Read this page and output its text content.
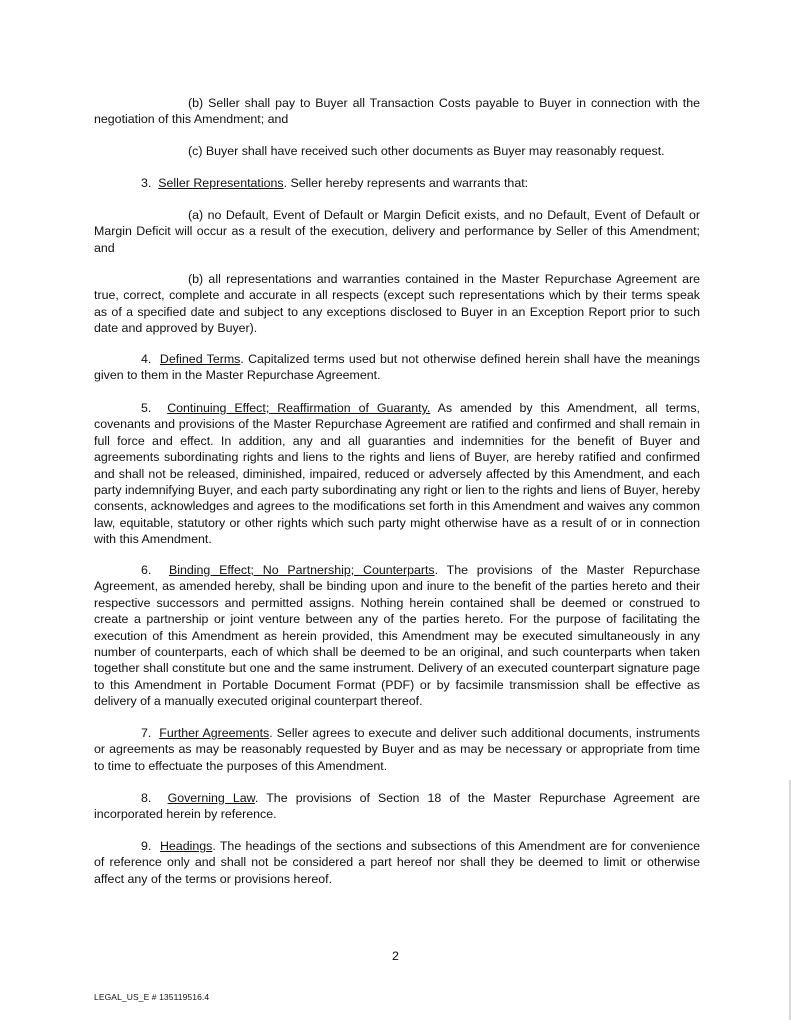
(b) Seller shall pay to Buyer all Transaction Costs payable to Buyer in connection with the negotiation of this Amendment; and

(c) Buyer shall have received such other documents as Buyer may reasonably request.

3. Seller Representations. Seller hereby represents and warrants that:

(a) no Default, Event of Default or Margin Deficit exists, and no Default, Event of Default or Margin Deficit will occur as a result of the execution, delivery and performance by Seller of this Amendment; and

(b) all representations and warranties contained in the Master Repurchase Agreement are true, correct, complete and accurate in all respects (except such representations which by their terms speak as of a specified date and subject to any exceptions disclosed to Buyer in an Exception Report prior to such date and approved by Buyer).

4. Defined Terms. Capitalized terms used but not otherwise defined herein shall have the meanings given to them in the Master Repurchase Agreement.

5. Continuing Effect; Reaffirmation of Guaranty. As amended by this Amendment, all terms, covenants and provisions of the Master Repurchase Agreement are ratified and confirmed and shall remain in full force and effect. In addition, any and all guaranties and indemnities for the benefit of Buyer and agreements subordinating rights and liens to the rights and liens of Buyer, are hereby ratified and confirmed and shall not be released, diminished, impaired, reduced or adversely affected by this Amendment, and each party indemnifying Buyer, and each party subordinating any right or lien to the rights and liens of Buyer, hereby consents, acknowledges and agrees to the modifications set forth in this Amendment and waives any common law, equitable, statutory or other rights which such party might otherwise have as a result of or in connection with this Amendment.

6. Binding Effect; No Partnership; Counterparts. The provisions of the Master Repurchase Agreement, as amended hereby, shall be binding upon and inure to the benefit of the parties hereto and their respective successors and permitted assigns. Nothing herein contained shall be deemed or construed to create a partnership or joint venture between any of the parties hereto. For the purpose of facilitating the execution of this Amendment as herein provided, this Amendment may be executed simultaneously in any number of counterparts, each of which shall be deemed to be an original, and such counterparts when taken together shall constitute but one and the same instrument. Delivery of an executed counterpart signature page to this Amendment in Portable Document Format (PDF) or by facsimile transmission shall be effective as delivery of a manually executed original counterpart thereof.

7. Further Agreements. Seller agrees to execute and deliver such additional documents, instruments or agreements as may be reasonably requested by Buyer and as may be necessary or appropriate from time to time to effectuate the purposes of this Amendment.

8. Governing Law. The provisions of Section 18 of the Master Repurchase Agreement are incorporated herein by reference.

9. Headings. The headings of the sections and subsections of this Amendment are for convenience of reference only and shall not be considered a part hereof nor shall they be deemed to limit or otherwise affect any of the terms or provisions hereof.

2
LEGAL_US_E # 135119516.4
